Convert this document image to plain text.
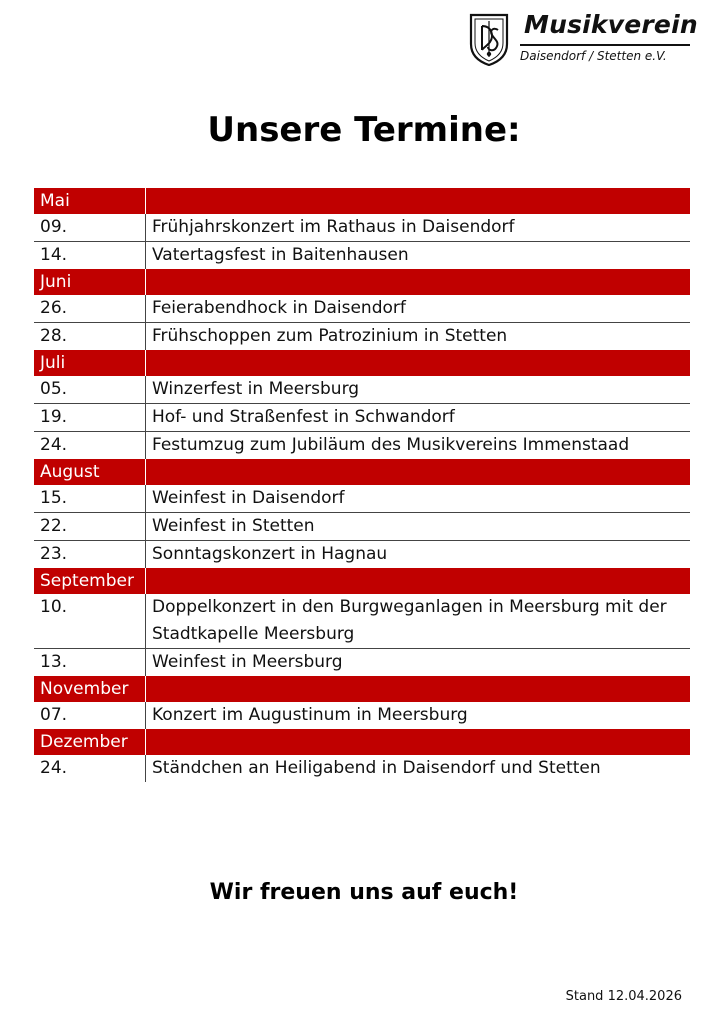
Musikverein
Daisendorf / Stetten e.V.
Unsere Termine:
Mai
09.	Frühjahrskonzert im Rathaus in Daisendorf
14.	Vatertagsfest in Baitenhausen
Juni
26.	Feierabendhock in Daisendorf
28.	Frühschoppen zum Patrozinium in Stetten
Juli
05.	Winzerfest in Meersburg
19.	Hof- und Straßenfest in Schwandorf
24.	Festumzug zum Jubiläum des Musikvereins Immenstaad
August
15.	Weinfest in Daisendorf
22.	Weinfest in Stetten
23.	Sonntagskonzert in Hagnau
September
10.	Doppelkonzert in den Burgweganlagen in Meersburg mit der Stadtkapelle Meersburg
13.	Weinfest in Meersburg
November
07.	Konzert im Augustinum in Meersburg
Dezember
24.	Ständchen an Heiligabend in Daisendorf und Stetten
Wir freuen uns auf euch!
Stand 12.04.2026
